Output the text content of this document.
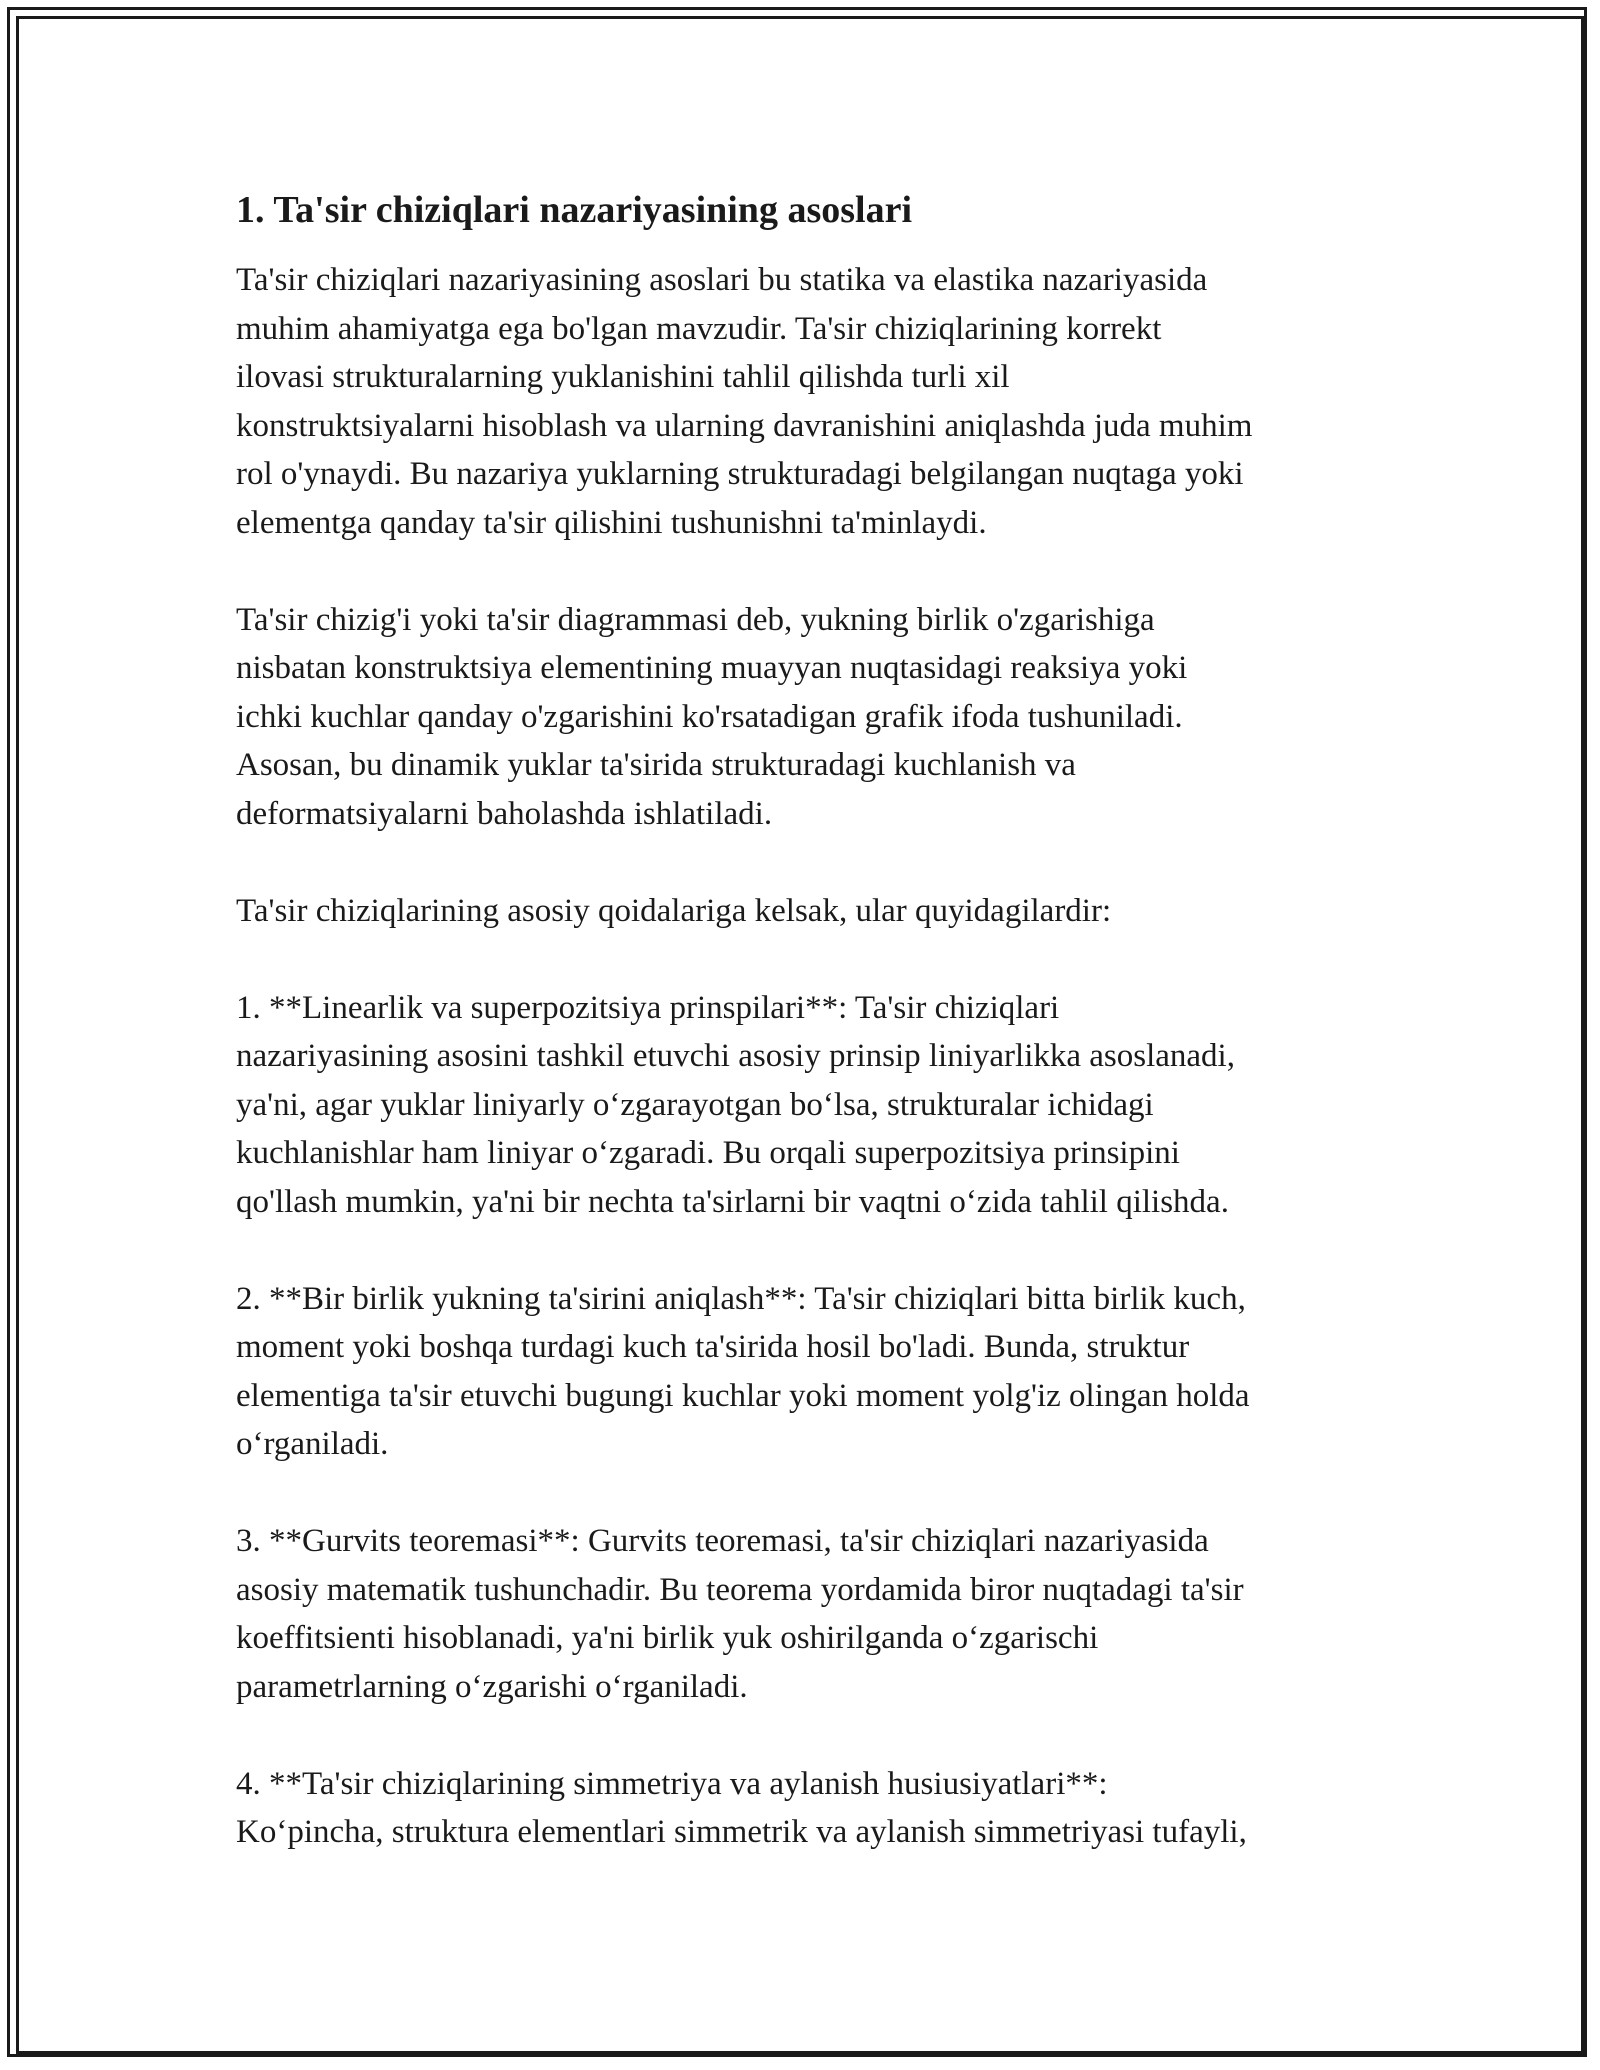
1. Ta'sir chiziqlari nazariyasining asoslari

Ta'sir chiziqlari nazariyasining asoslari bu statika va elastika nazariyasida
muhim ahamiyatga ega bo'lgan mavzudir. Ta'sir chiziqlarining korrekt
ilovasi strukturalarning yuklanishini tahlil qilishda turli xil
konstruktsiyalarni hisoblash va ularning davranishini aniqlashda juda muhim
rol o'ynaydi. Bu nazariya yuklarning strukturadagi belgilangan nuqtaga yoki
elementga qanday ta'sir qilishini tushunishni ta'minlaydi.

Ta'sir chizig'i yoki ta'sir diagrammasi deb, yukning birlik o'zgarishiga
nisbatan konstruktsiya elementining muayyan nuqtasidagi reaksiya yoki
ichki kuchlar qanday o'zgarishini ko'rsatadigan grafik ifoda tushuniladi.
Asosan, bu dinamik yuklar ta'sirida strukturadagi kuchlanish va
deformatsiyalarni baholashda ishlatiladi.

Ta'sir chiziqlarining asosiy qoidalariga kelsak, ular quyidagilardir:

1. **Linearlik va superpozitsiya prinspilari**: Ta'sir chiziqlari
nazariyasining asosini tashkil etuvchi asosiy prinsip liniyarlikka asoslanadi,
ya'ni, agar yuklar liniyarly oʻzgarayotgan boʻlsa, strukturalar ichidagi
kuchlanishlar ham liniyar oʻzgaradi. Bu orqali superpozitsiya prinsipini
qo'llash mumkin, ya'ni bir nechta ta'sirlarni bir vaqtni oʻzida tahlil qilishda.

2. **Bir birlik yukning ta'sirini aniqlash**: Ta'sir chiziqlari bitta birlik kuch,
moment yoki boshqa turdagi kuch ta'sirida hosil bo'ladi. Bunda, struktur
elementiga ta'sir etuvchi bugungi kuchlar yoki moment yolg'iz olingan holda
oʻrganiladi.

3. **Gurvits teoremasi**: Gurvits teoremasi, ta'sir chiziqlari nazariyasida
asosiy matematik tushunchadir. Bu teorema yordamida biror nuqtadagi ta'sir
koeffitsienti hisoblanadi, ya'ni birlik yuk oshirilganda oʻzgarischi
parametrlarning oʻzgarishi oʻrganiladi.

4. **Ta'sir chiziqlarining simmetriya va aylanish husiusiyatlari**:
Koʻpincha, struktura elementlari simmetrik va aylanish simmetriyasi tufayli,
